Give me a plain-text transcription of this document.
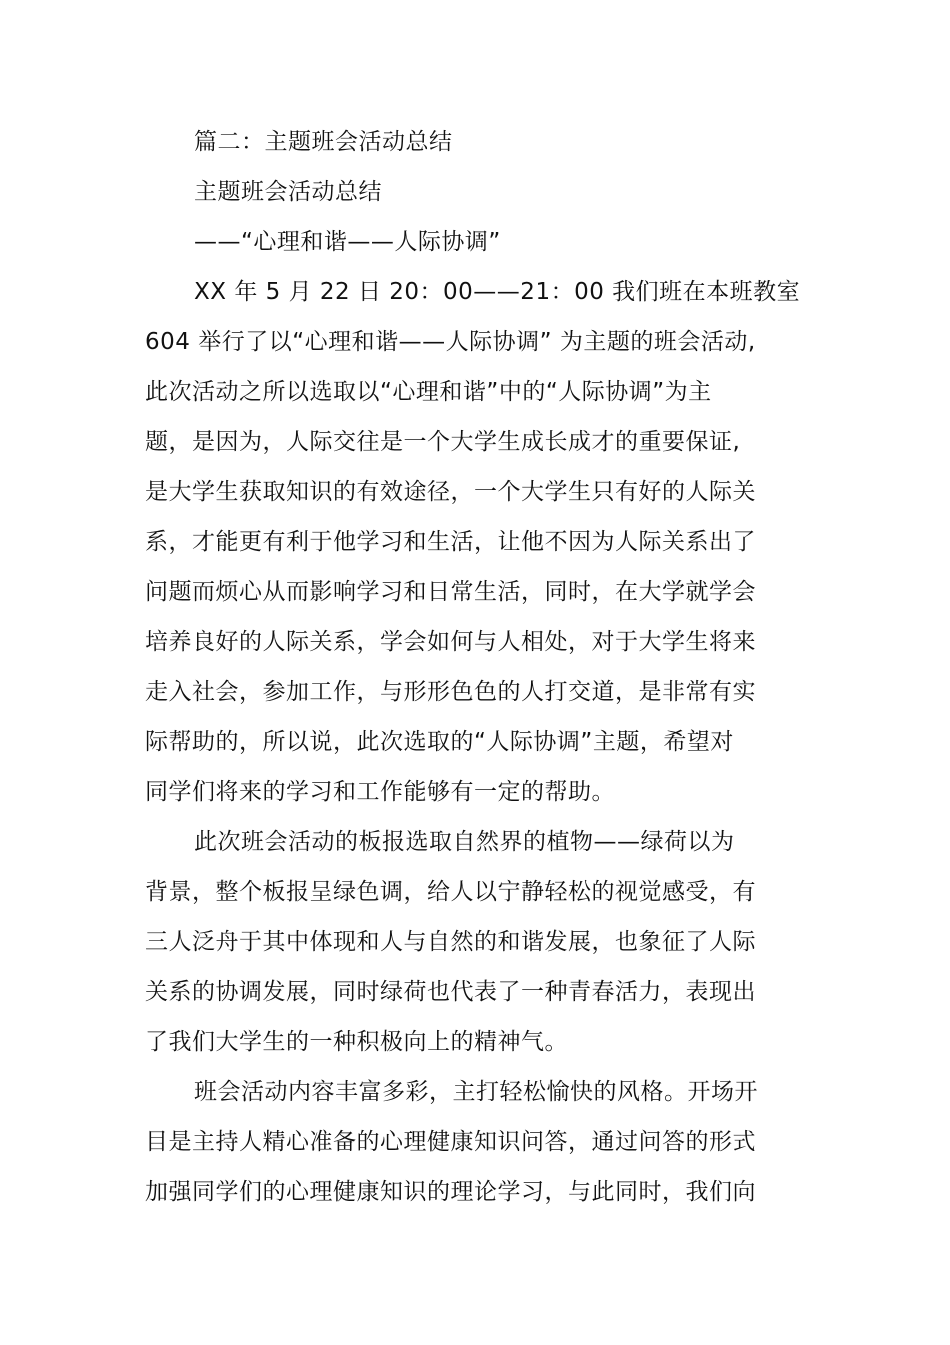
篇二：主题班会活动总结
主题班会活动总结
——“心理和谐——人际协调”
XX 年 5 月 22 日 20：00——21：00 我们班在本班教室
604 举行了以“心理和谐——人际协调” 为主题的班会活动,
此次活动之所以选取以“心理和谐”中的“人际协调”为主
题，是因为，人际交往是一个大学生成长成才的重要保证,
是大学生获取知识的有效途径，一个大学生只有好的人际关
系，才能更有利于他学习和生活，让他不因为人际关系出了
问题而烦心从而影响学习和日常生活，同时，在大学就学会
培养良好的人际关系，学会如何与人相处，对于大学生将来
走入社会，参加工作，与形形色色的人打交道，是非常有实
际帮助的，所以说，此次选取的“人际协调”主题，希望对
同学们将来的学习和工作能够有一定的帮助。
此次班会活动的板报选取自然界的植物——绿荷以为
背景，整个板报呈绿色调，给人以宁静轻松的视觉感受，有
三人泛舟于其中体现和人与自然的和谐发展，也象征了人际
关系的协调发展，同时绿荷也代表了一种青春活力，表现出
了我们大学生的一种积极向上的精神气。
班会活动内容丰富多彩，主打轻松愉快的风格。开场开
目是主持人精心准备的心理健康知识问答，通过问答的形式
加强同学们的心理健康知识的理论学习，与此同时，我们向
